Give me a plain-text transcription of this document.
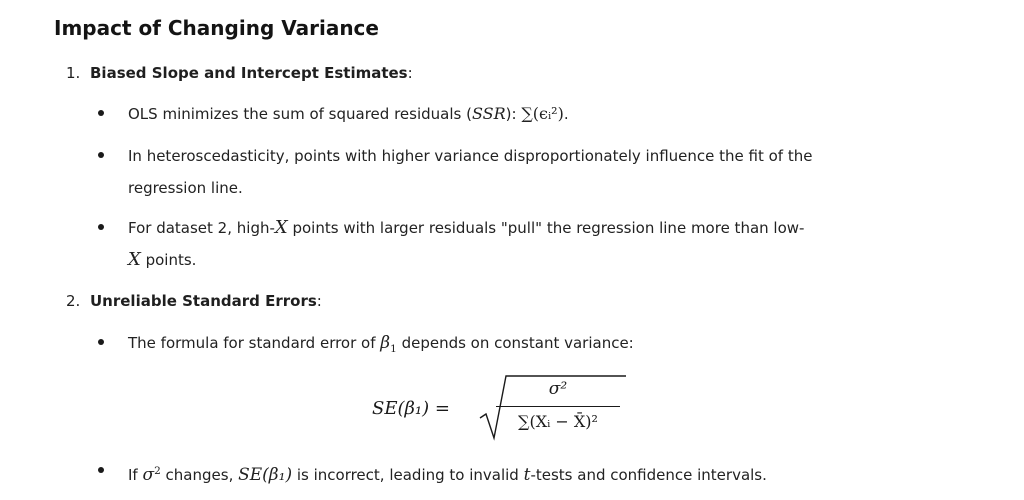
Impact of Changing Variance
1. Biased Slope and Intercept Estimates:
OLS minimizes the sum of squared residuals (SSR): ∑(ϵᵢ²).
In heteroscedasticity, points with higher variance disproportionately influence the fit of the
regression line.
For dataset 2, high-X points with larger residuals "pull" the regression line more than low-
X points.
2. Unreliable Standard Errors:
The formula for standard error of $\beta_1$ depends on constant variance:
SE(β₁) =
σ²
∑(Xᵢ − X̄)²
If $\sigma^2$ changes, SE(β₁) is incorrect, leading to invalid t-tests and confidence intervals.
